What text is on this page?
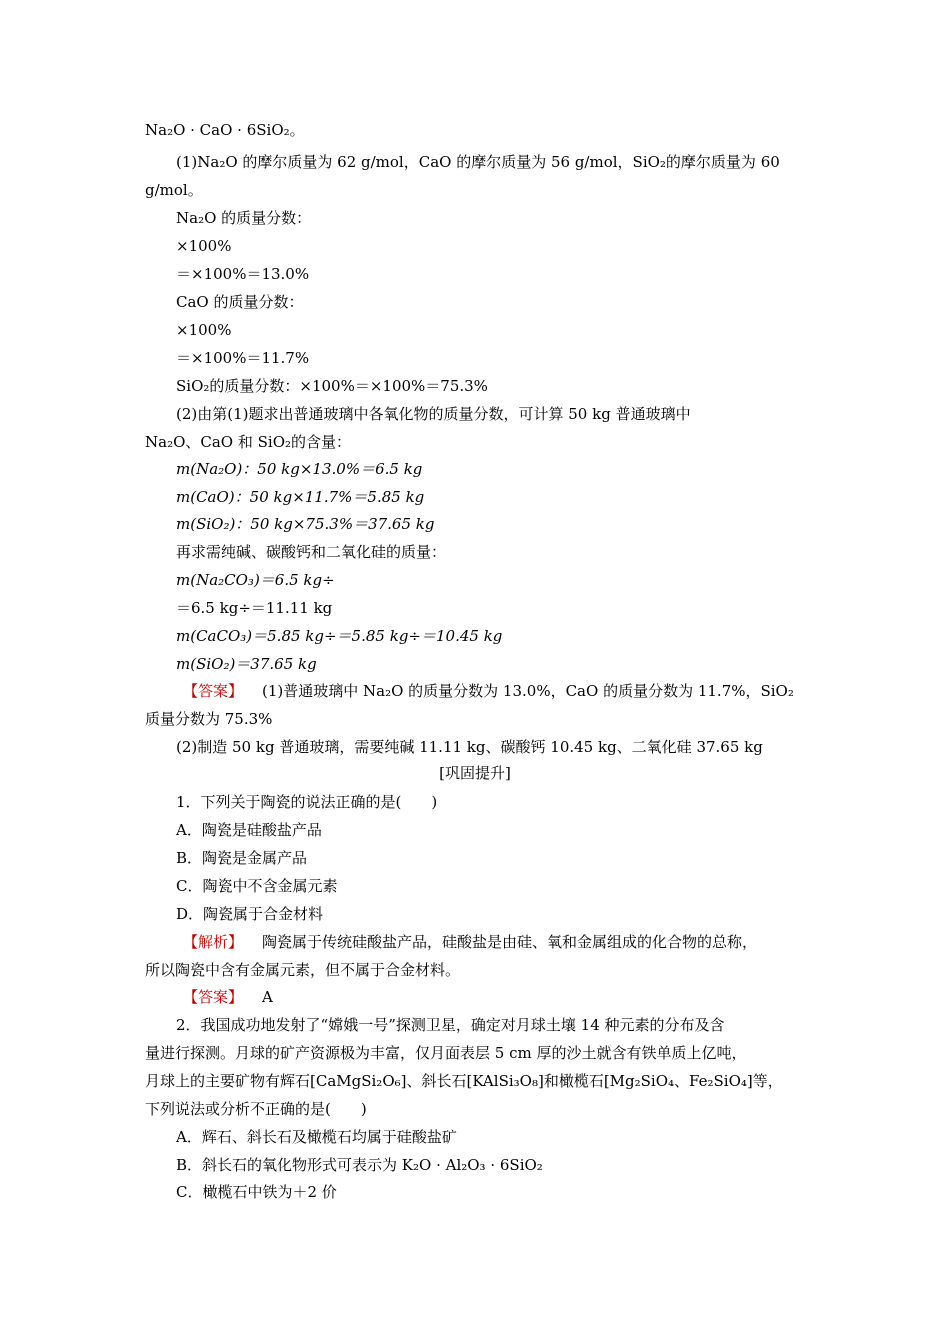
Na₂O · CaO · 6SiO₂。
(1)Na₂O 的摩尔质量为 62 g/mol，CaO 的摩尔质量为 56 g/mol，SiO₂的摩尔质量为 60
g/mol。
Na₂O 的质量分数：
×100%
＝×100%＝13.0%
CaO 的质量分数：
×100%
＝×100%＝11.7%
SiO₂的质量分数：×100%＝×100%＝75.3%
(2)由第(1)题求出普通玻璃中各氧化物的质量分数，可计算 50 kg 普通玻璃中
Na₂O、CaO 和 SiO₂的含量：
m(Na₂O)：50 kg×13.0%＝6.5 kg
m(CaO)：50 kg×11.7%＝5.85 kg
m(SiO₂)：50 kg×75.3%＝37.65 kg
再求需纯碱、碳酸钙和二氧化硅的质量：
m(Na₂CO₃)＝6.5 kg÷
＝6.5 kg÷＝11.11 kg
m(CaCO₃)＝5.85 kg÷＝5.85 kg÷＝10.45 kg
m(SiO₂)＝37.65 kg
【答案】 (1)普通玻璃中 Na₂O 的质量分数为 13.0%，CaO 的质量分数为 11.7%，SiO₂
质量分数为 75.3%
(2)制造 50 kg 普通玻璃，需要纯碱 11.11 kg、碳酸钙 10.45 kg、二氧化硅 37.65 kg
[巩固提升]
1．下列关于陶瓷的说法正确的是(　　)
A．陶瓷是硅酸盐产品
B．陶瓷是金属产品
C．陶瓷中不含金属元素
D．陶瓷属于合金材料
【解析】 陶瓷属于传统硅酸盐产品，硅酸盐是由硅、氧和金属组成的化合物的总称，
所以陶瓷中含有金属元素，但不属于合金材料。
【答案】 A
2．我国成功地发射了“嫦娥一号”探测卫星，确定对月球土壤 14 种元素的分布及含
量进行探测。月球的矿产资源极为丰富，仅月面表层 5 cm 厚的沙土就含有铁单质上亿吨，
月球上的主要矿物有辉石[CaMgSi₂O₆]、斜长石[KAlSi₃O₈]和橄榄石[Mg₂SiO₄、Fe₂SiO₄]等，
下列说法或分析不正确的是(　　)
A．辉石、斜长石及橄榄石均属于硅酸盐矿
B．斜长石的氧化物形式可表示为 K₂O · Al₂O₃ · 6SiO₂
C．橄榄石中铁为＋2 价
